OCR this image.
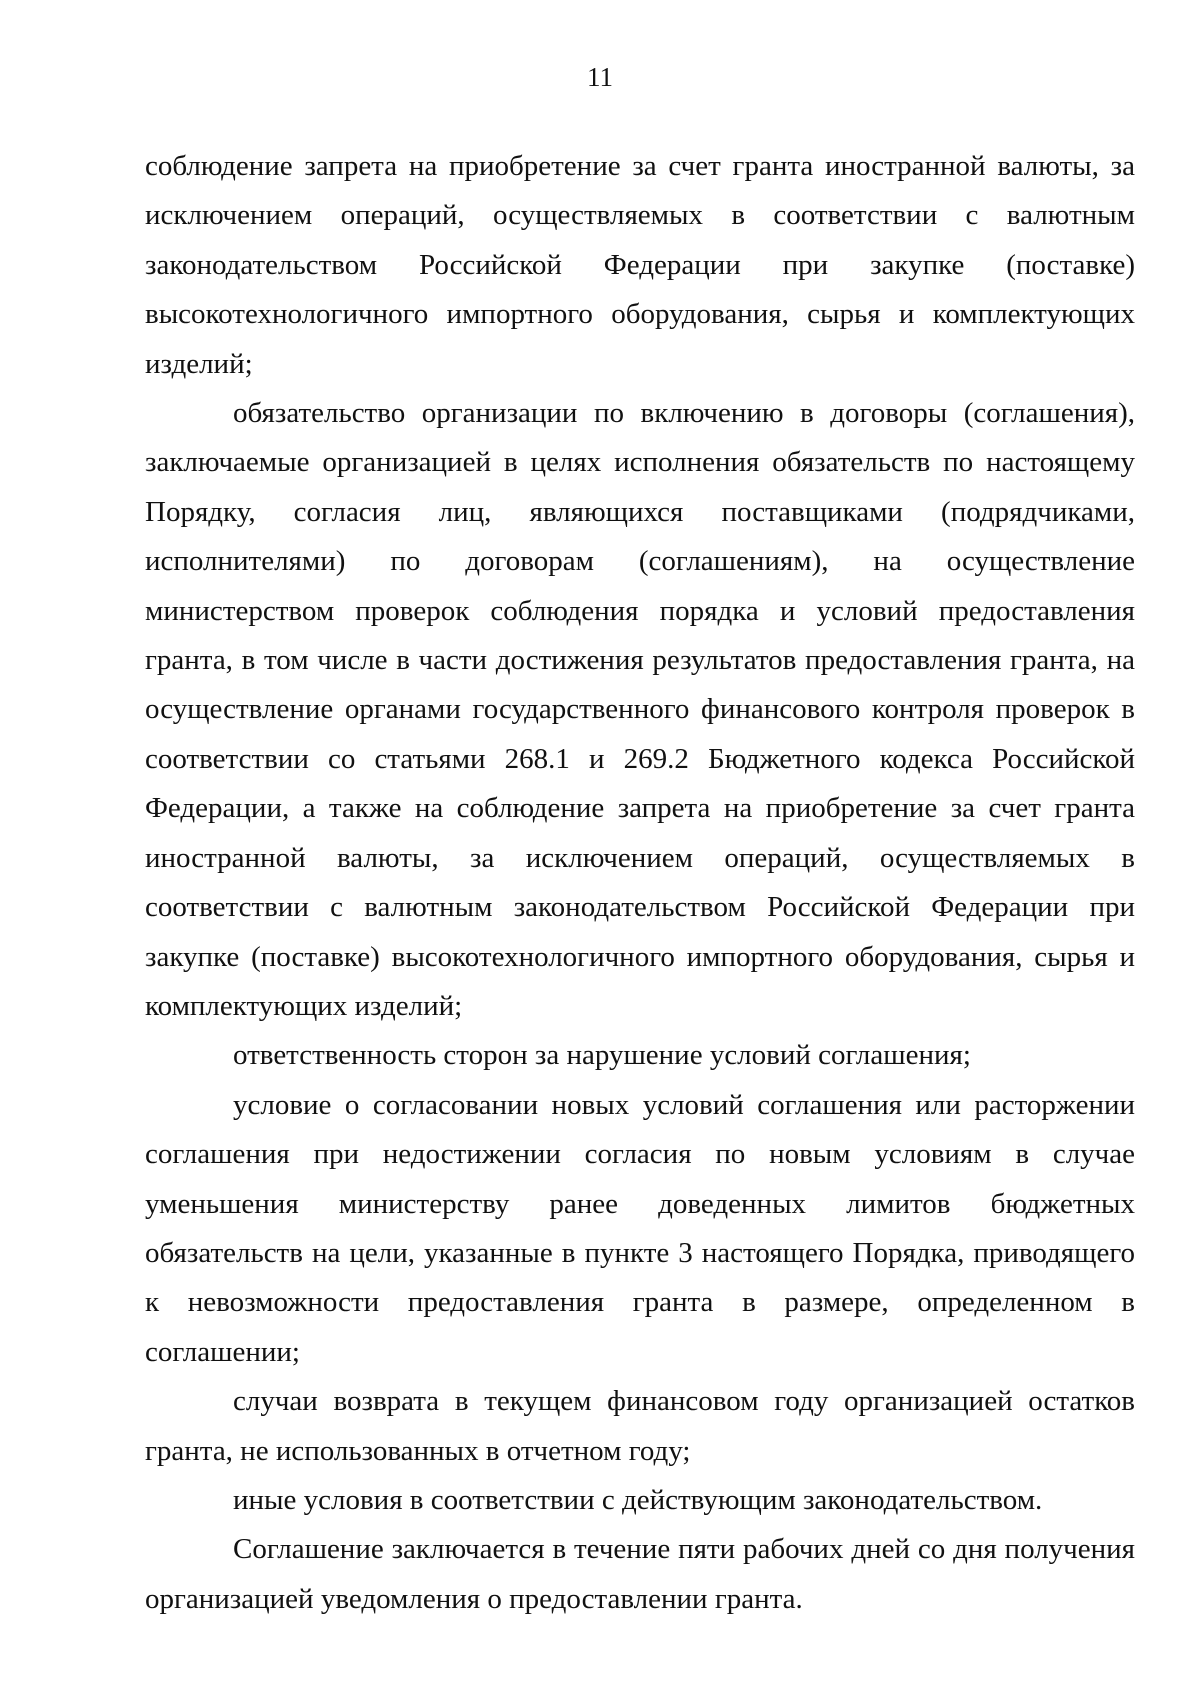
11

соблюдение запрета на приобретение за счет гранта иностранной валюты, за исключением операций, осуществляемых в соответствии с валютным законодательством Российской Федерации при закупке (поставке) высокотехнологичного импортного оборудования, сырья и комплектующих изделий;

обязательство организации по включению в договоры (соглашения), заключаемые организацией в целях исполнения обязательств по настоящему Порядку, согласия лиц, являющихся поставщиками (подрядчиками, исполнителями) по договорам (соглашениям), на осуществление министерством проверок соблюдения порядка и условий предоставления гранта, в том числе в части достижения результатов предоставления гранта, на осуществление органами государственного финансового контроля проверок в соответствии со статьями 268.1 и 269.2 Бюджетного кодекса Российской Федерации, а также на соблюдение запрета на приобретение за счет гранта иностранной валюты, за исключением операций, осуществляемых в соответствии с валютным законодательством Российской Федерации при закупке (поставке) высокотехнологичного импортного оборудования, сырья и комплектующих изделий;

ответственность сторон за нарушение условий соглашения;

условие о согласовании новых условий соглашения или расторжении соглашения при недостижении согласия по новым условиям в случае уменьшения министерству ранее доведенных лимитов бюджетных обязательств на цели, указанные в пункте 3 настоящего Порядка, приводящего к невозможности предоставления гранта в размере, определенном в соглашении;

случаи возврата в текущем финансовом году организацией остатков гранта, не использованных в отчетном году;

иные условия в соответствии с действующим законодательством.

Соглашение заключается в течение пяти рабочих дней со дня получения организацией уведомления о предоставлении гранта.
